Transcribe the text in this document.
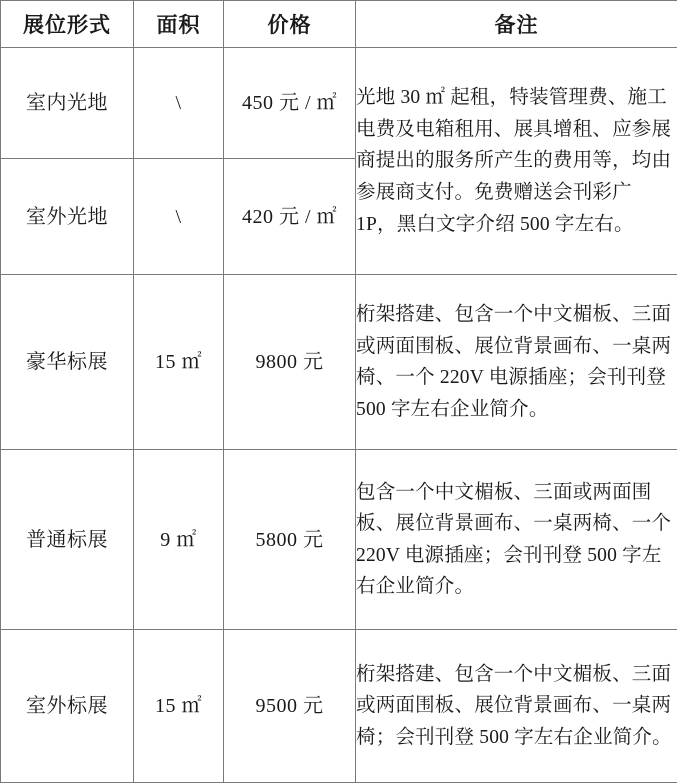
展位形式	面积	价格	备注
室内光地	\	450 元 / ㎡	光地 30 ㎡ 起租，特装管理费、施工电费及电箱租用、展具增租、应参展商提出的服务所产生的费用等，均由参展商支付。免费赠送会刊彩广 1P，黑白文字介绍 500 字左右。
室外光地	\	420 元 / ㎡	
豪华标展	15 ㎡	9800 元	桁架搭建、包含一个中文楣板、三面或两面围板、展位背景画布、一桌两椅、一个 220V 电源插座；会刊刊登 500 字左右企业简介。
普通标展	9 ㎡	5800 元	包含一个中文楣板、三面或两面围板、展位背景画布、一桌两椅、一个 220V 电源插座；会刊刊登 500 字左右企业简介。
室外标展	15 ㎡	9500 元	桁架搭建、包含一个中文楣板、三面或两面围板、展位背景画布、一桌两椅；会刊刊登 500 字左右企业简介。
